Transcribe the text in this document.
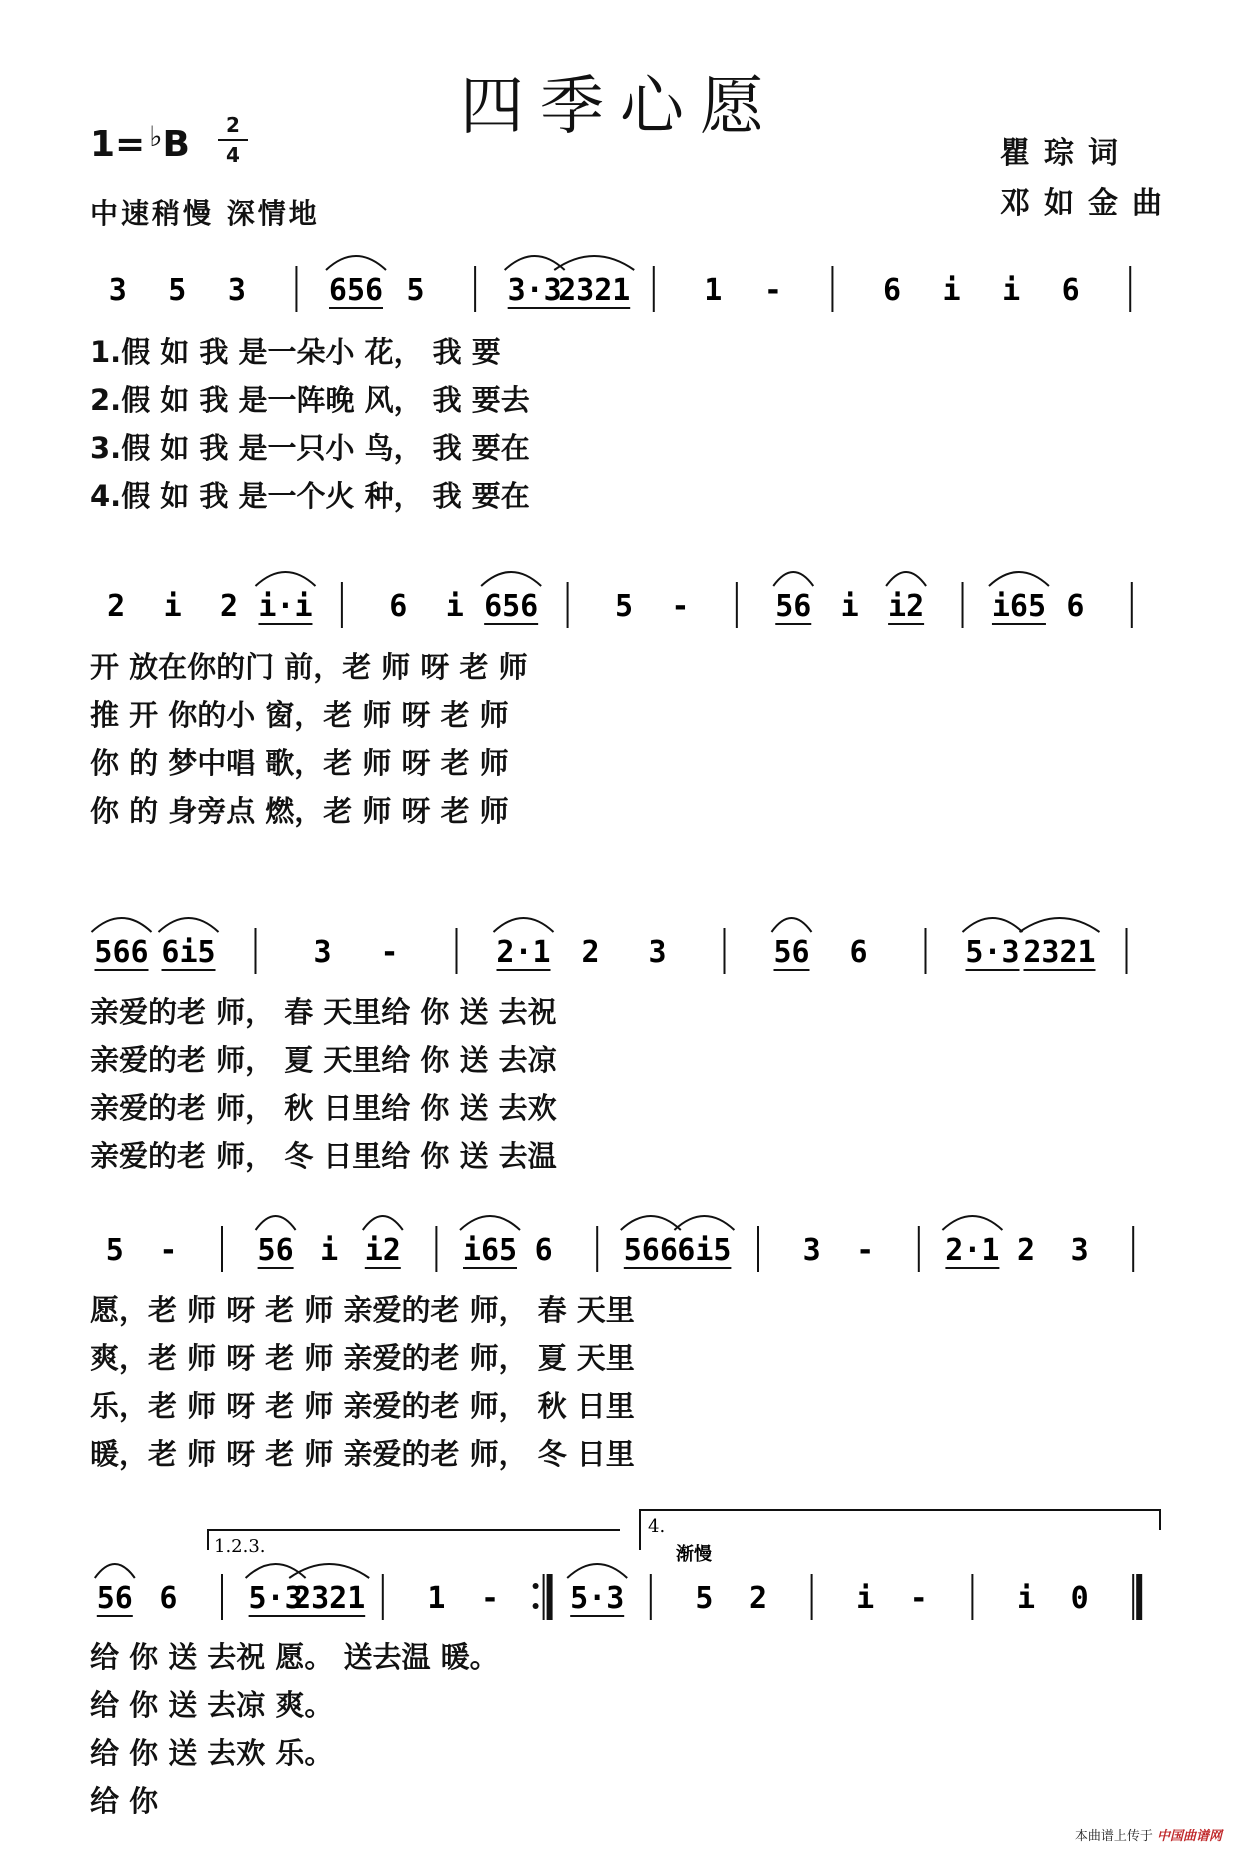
四季心愿
1= ♭B	2
4
中速稍慢 深情地
瞿琮词
邓如金曲
3 5 3	656 5	3·3
2321 1 -	6 i i 6
2 i 2 i·i	6 i 656	5 -	56 i i2 i65 6
566 6i5	3 -	2·1 2 3	56 6	5·3 2321
5 -	56 i i2 i65 6 566 6i5 3 - 2·1 2 3
56 6 5·3
2321 1 - 5·3 5 2	i -	i 0
1.2.3.
4.
渐慢
1.假 如 我 是一朵小 花， 我 要
2.假 如 我 是一阵晚 风， 我 要去
3.假 如 我 是一只小 鸟， 我 要在
4.假 如 我 是一个火 种， 我 要在
开 放在你的门 前，老 师 呀 老 师
推 开 你的小 窗，老 师 呀 老 师
你 的 梦中唱 歌，老 师 呀 老 师
你 的 身旁点 燃，老 师 呀 老 师
亲爱的老 师， 春 天里给 你 送 去祝
亲爱的老 师， 夏 天里给 你 送 去凉
亲爱的老 师， 秋 日里给 你 送 去欢
亲爱的老 师， 冬 日里给 你 送 去温
愿，老 师 呀 老 师 亲爱的老 师， 春 天里
爽，老 师 呀 老 师 亲爱的老 师， 夏 天里
乐，老 师 呀 老 师 亲爱的老 师， 秋 日里
暖，老 师 呀 老 师 亲爱的老 师， 冬 日里
给 你 送 去祝 愿。 送去温 暖。
给 你 送 去凉 爽。
给 你 送 去欢 乐。
给 你
本曲谱上传于 中国曲谱网
